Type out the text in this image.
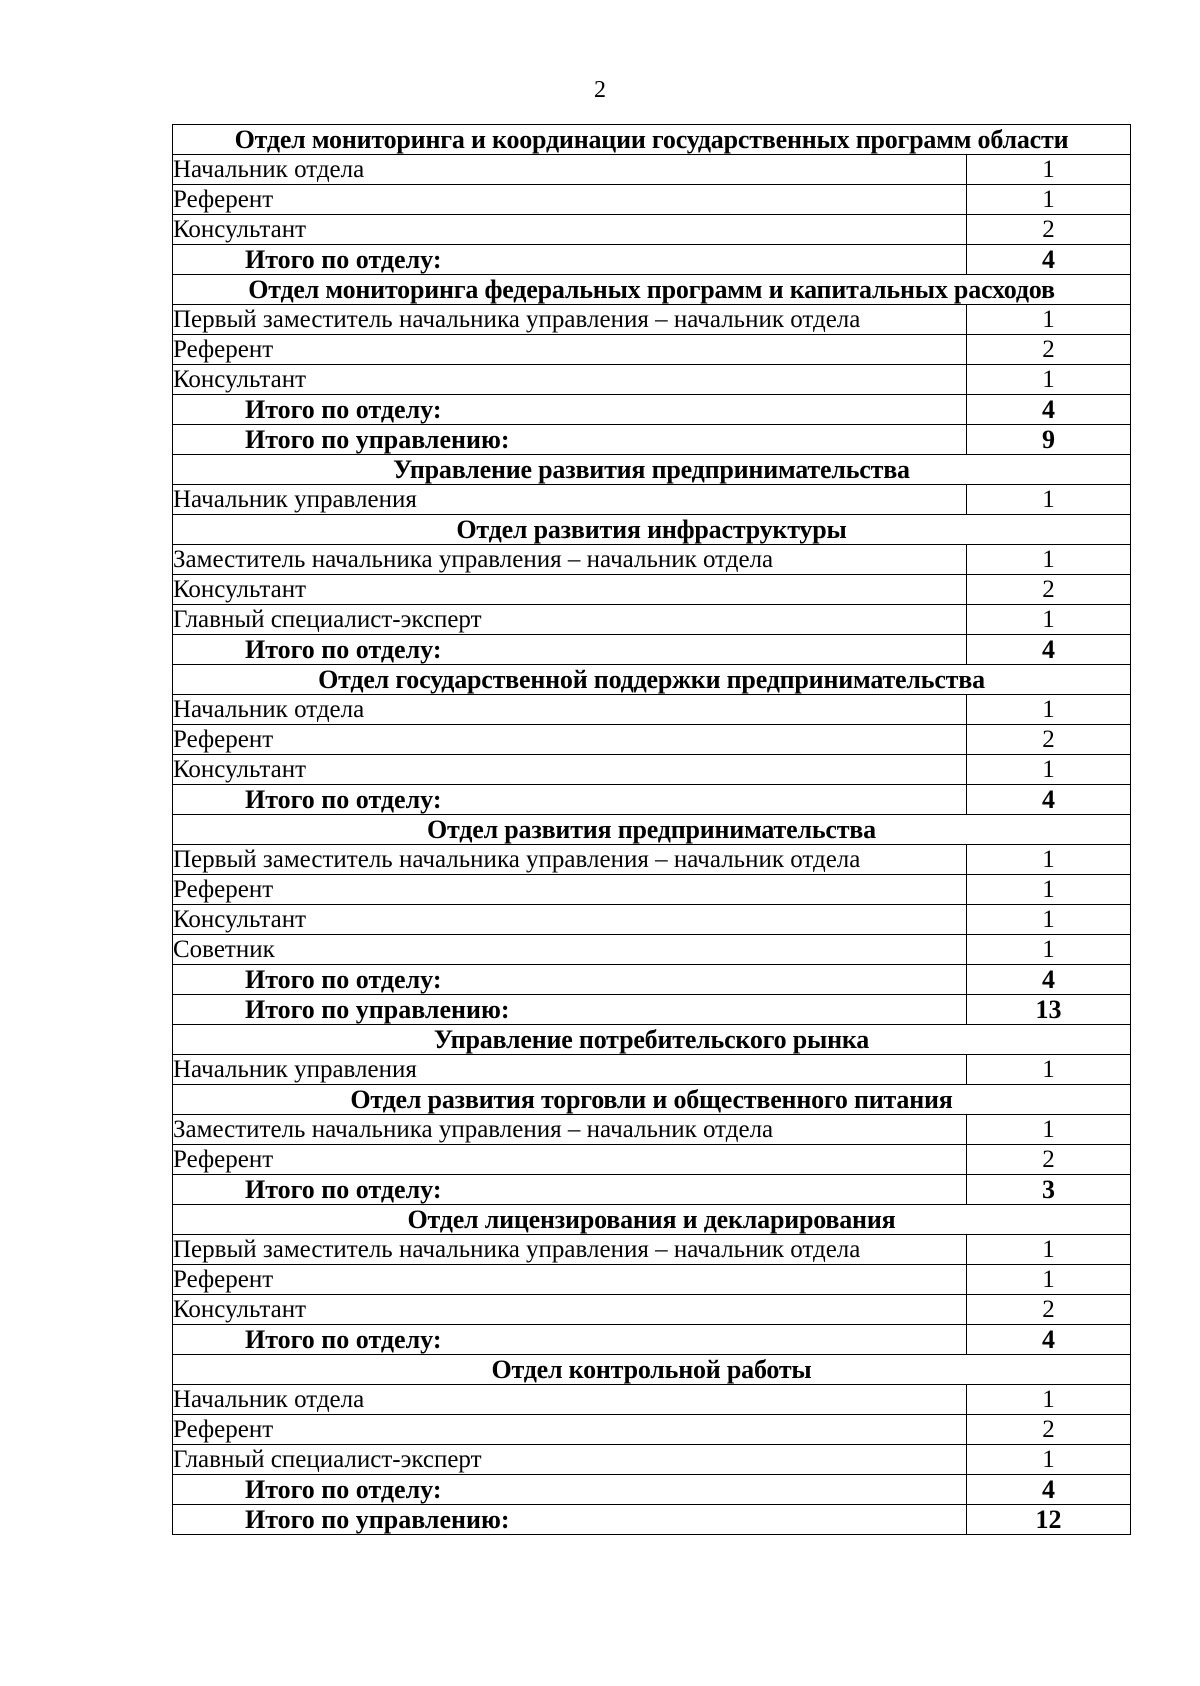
2
Отдел мониторинга и координации государственных программ области	
Начальник отдела	1
Референт	1
Консультант	2
Итого по отделу:	4
Отдел мониторинга федеральных программ и капитальных расходов	
Первый заместитель начальника управления – начальник отдела	1
Референт	2
Консультант	1
Итого по отделу:	4
Итого по управлению:	9
Управление развития предпринимательства	
Начальник управления	1
Отдел развития инфраструктуры	
Заместитель начальника управления – начальник отдела	1
Консультант	2
Главный специалист-эксперт	1
Итого по отделу:	4
Отдел государственной поддержки предпринимательства	
Начальник отдела	1
Референт	2
Консультант	1
Итого по отделу:	4
Отдел развития предпринимательства	
Первый заместитель начальника управления – начальник отдела	1
Референт	1
Консультант	1
Советник	1
Итого по отделу:	4
Итого по управлению:	13
Управление потребительского рынка	
Начальник управления	1
Отдел развития торговли и общественного питания	
Заместитель начальника управления – начальник отдела	1
Референт	2
Итого по отделу:	3
Отдел лицензирования и декларирования	
Первый заместитель начальника управления – начальник отдела	1
Референт	1
Консультант	2
Итого по отделу:	4
Отдел контрольной работы	
Начальник отдела	1
Референт	2
Главный специалист-эксперт	1
Итого по отделу:	4
Итого по управлению:	12
